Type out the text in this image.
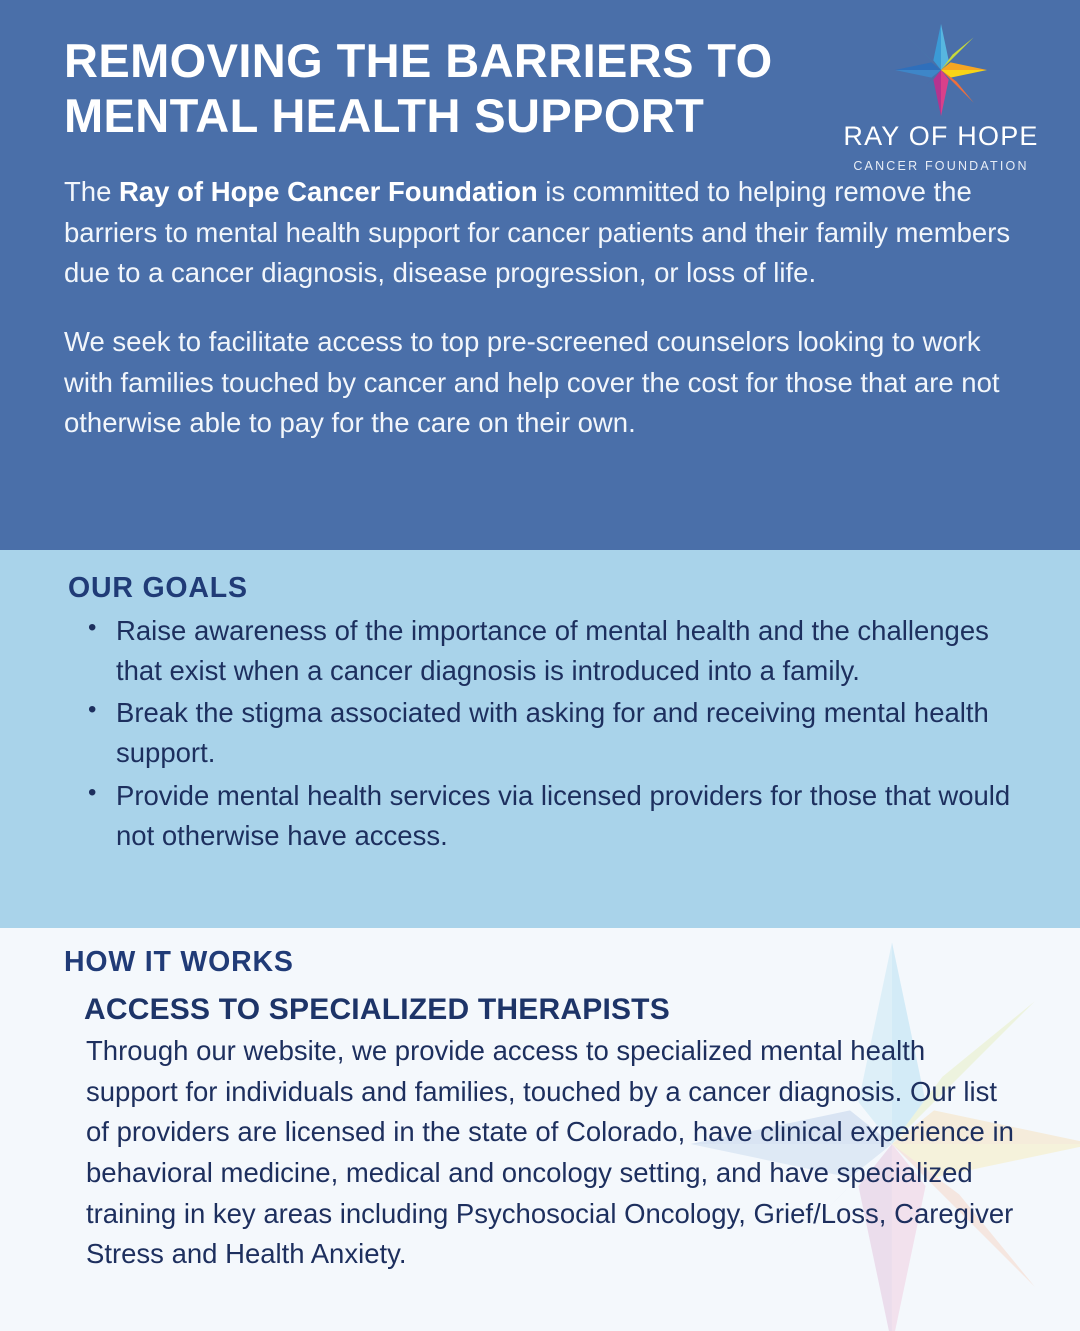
REMOVING THE BARRIERS TO MENTAL HEALTH SUPPORT

The Ray of Hope Cancer Foundation is committed to helping remove the barriers to mental health support for cancer patients and their family members due to a cancer diagnosis, disease progression, or loss of life.

We seek to facilitate access to top pre-screened counselors looking to work with families touched by cancer and help cover the cost for those that are not otherwise able to pay for the care on their own.

RAY OF HOPE
CANCER FOUNDATION
OUR GOALS
• Raise awareness of the importance of mental health and the challenges that exist when a cancer diagnosis is introduced into a family.
• Break the stigma associated with asking for and receiving mental health support.
• Provide mental health services via licensed providers for those that would not otherwise have access.
HOW IT WORKS
ACCESS TO SPECIALIZED THERAPISTS

Through our website, we provide access to specialized mental health support for individuals and families, touched by a cancer diagnosis. Our list of providers are licensed in the state of Colorado, have clinical experience in behavioral medicine, medical and oncology setting, and have specialized training in key areas including Psychosocial Oncology, Grief/Loss, Caregiver Stress and Health Anxiety.
